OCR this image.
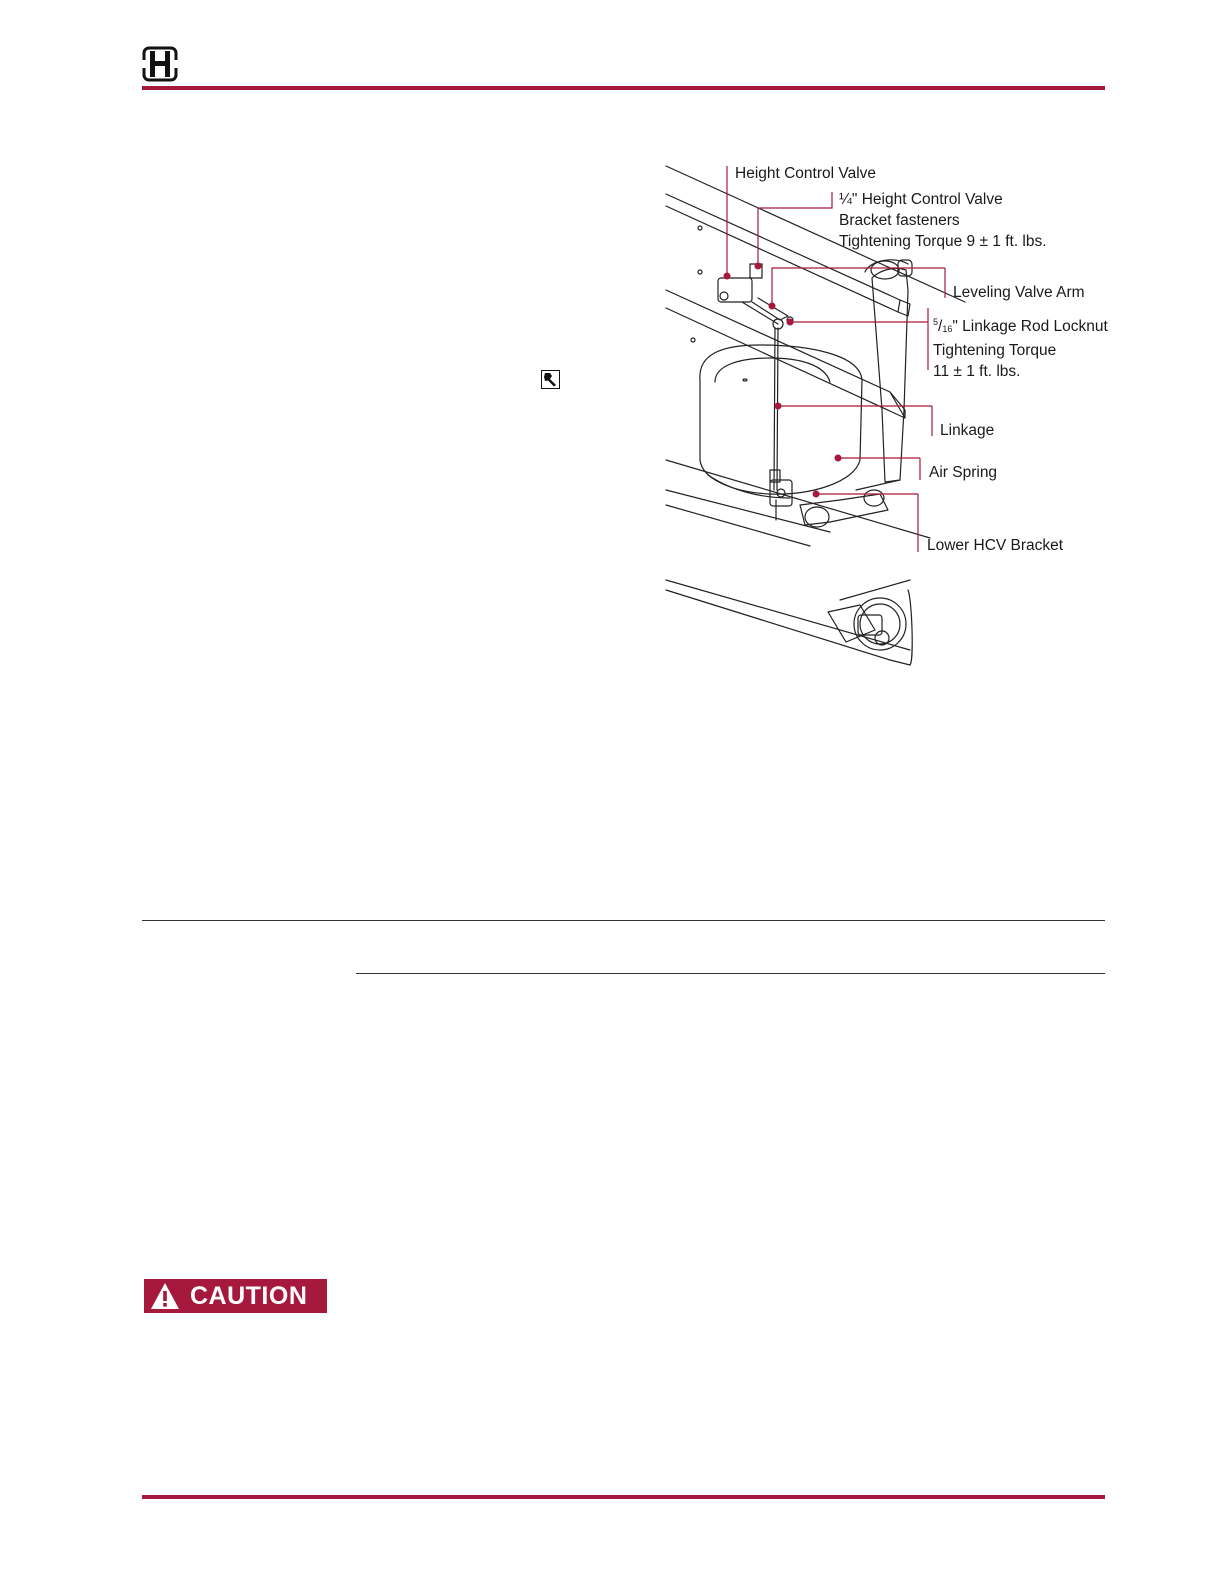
Height Control Valve
¼" Height Control Valve
Bracket fasteners
Tightening Torque 9 ± 1 ft. lbs.
Leveling Valve Arm
$^5/_{16}$" Linkage Rod Locknut
Tightening Torque
11 ± 1 ft. lbs.
Linkage
Air Spring
Lower HCV Bracket
CAUTION
